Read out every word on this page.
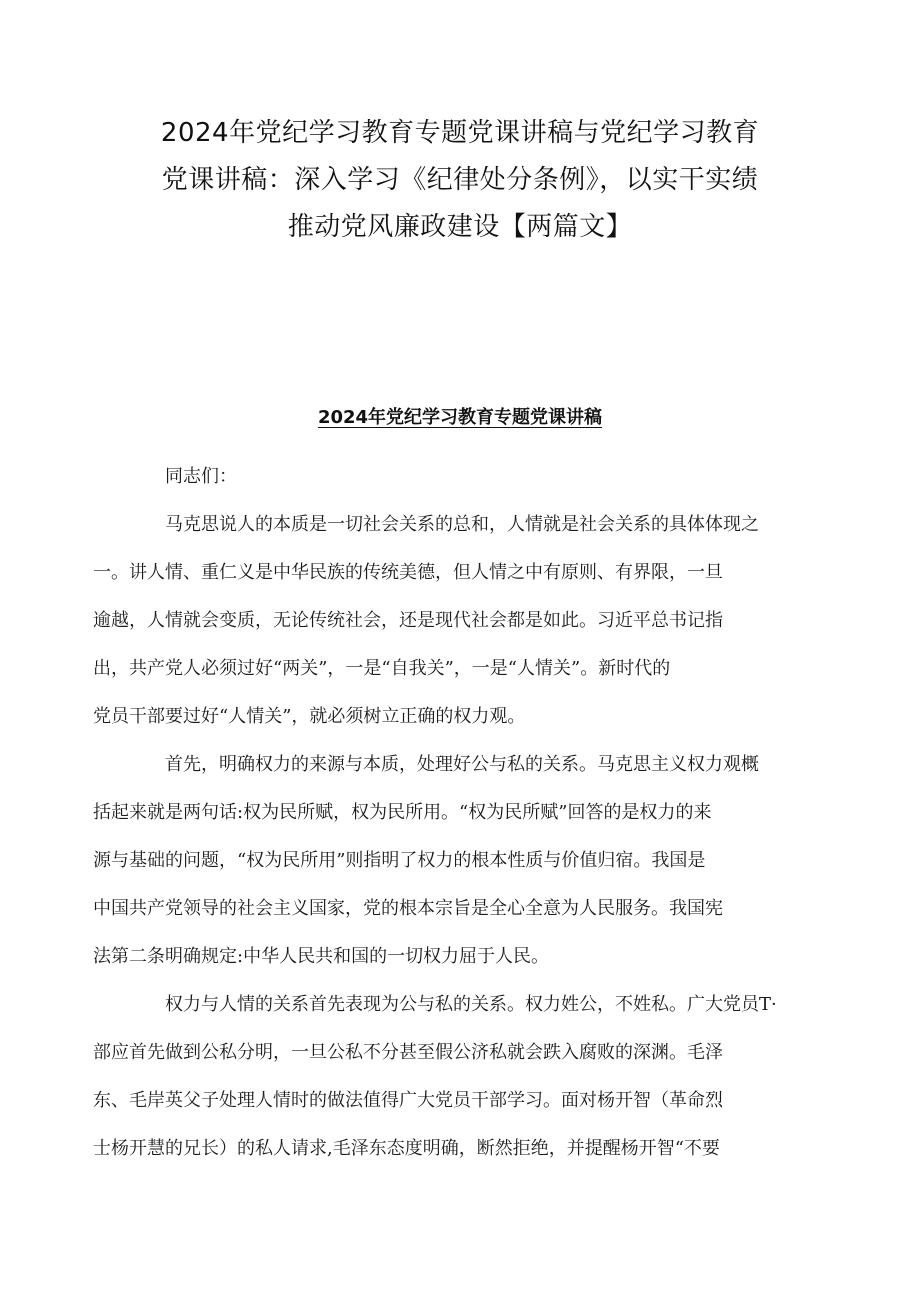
2024年党纪学习教育专题党课讲稿与党纪学习教育
党课讲稿：深入学习《纪律处分条例》，以实干实绩
推动党风廉政建设【两篇文】
2024年党纪学习教育专题党课讲稿

同志们：

马克思说人的本质是一切社会关系的总和，人情就是社会关系的具体体现之
一。讲人情、重仁义是中华民族的传统美德，但人情之中有原则、有界限，一旦
逾越，人情就会变质，无论传统社会，还是现代社会都是如此。习近平总书记指
出，共产党人必须过好“两关”，一是“自我关”，一是“人情关”。新时代的
党员干部要过好“人情关”，就必须树立正确的权力观。

首先，明确权力的来源与本质，处理好公与私的关系。马克思主义权力观概
括起来就是两句话:权为民所赋，权为民所用。“权为民所赋”回答的是权力的来
源与基础的问题，“权为民所用”则指明了权力的根本性质与价值归宿。我国是
中国共产党领导的社会主义国家，党的根本宗旨是全心全意为人民服务。我国宪
法第二条明确规定:中华人民共和国的一切权力屈于人民。

权力与人情的关系首先表现为公与私的关系。权力姓公，不姓私。广大党员T·
部应首先做到公私分明，一旦公私不分甚至假公济私就会跌入腐败的深渊。毛泽
东、毛岸英父子处理人情时的做法值得广大党员干部学习。面对杨开智（革命烈
士杨开慧的兄长）的私人请求,毛泽东态度明确，断然拒绝，并提醒杨开智“不要
